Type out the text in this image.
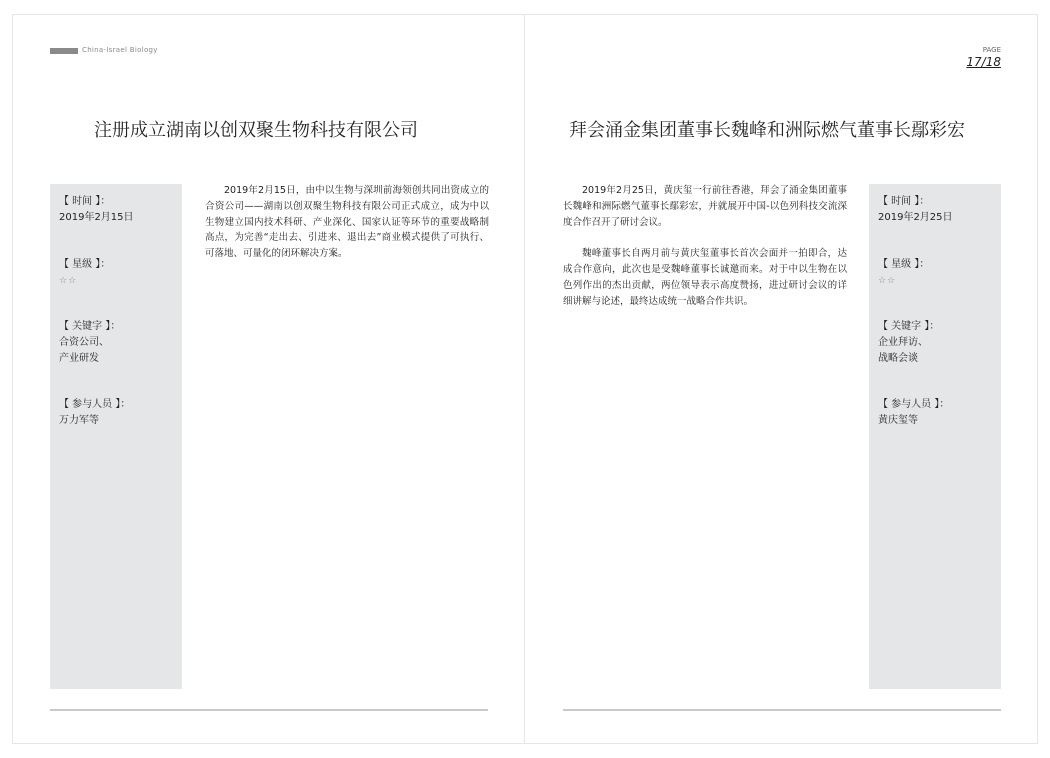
China-Israel Biology	PAGE
17/18
注册成立湖南以创双聚生物科技有限公司
【 时间 】：
2019年2月15日
【 星级 】：
☆☆
【 关键字 】：
合资公司、
产业研发
【 参与人员 】：
万力军等

2019年2月15日，由中以生物与深圳前海领创共同出资成立的合资公司——湖南以创双聚生物科技有限公司正式成立，成为中以生物建立国内技术科研、产业深化、国家认证等环节的重要战略制高点，为完善“走出去、引进来、退出去”商业模式提供了可执行、可落地、可量化的闭环解决方案。

拜会涌金集团董事长魏峰和洲际燃气董事长鄢彩宏

2019年2月25日，黄庆玺一行前往香港，拜会了涌金集团董事长魏峰和洲际燃气董事长鄢彩宏，并就展开中国-以色列科技交流深度合作召开了研讨会议。

魏峰董事长自两月前与黄庆玺董事长首次会面并一拍即合，达成合作意向，此次也是受魏峰董事长诚邀而来。对于中以生物在以色列作出的杰出贡献，两位领导表示高度赞扬，进过研讨会议的详细讲解与论述，最终达成统一战略合作共识。

【 时间 】：
2019年2月25日
【 星级 】：
☆☆
【 关键字 】：
企业拜访、
战略会谈
【 参与人员 】：
黄庆玺等
